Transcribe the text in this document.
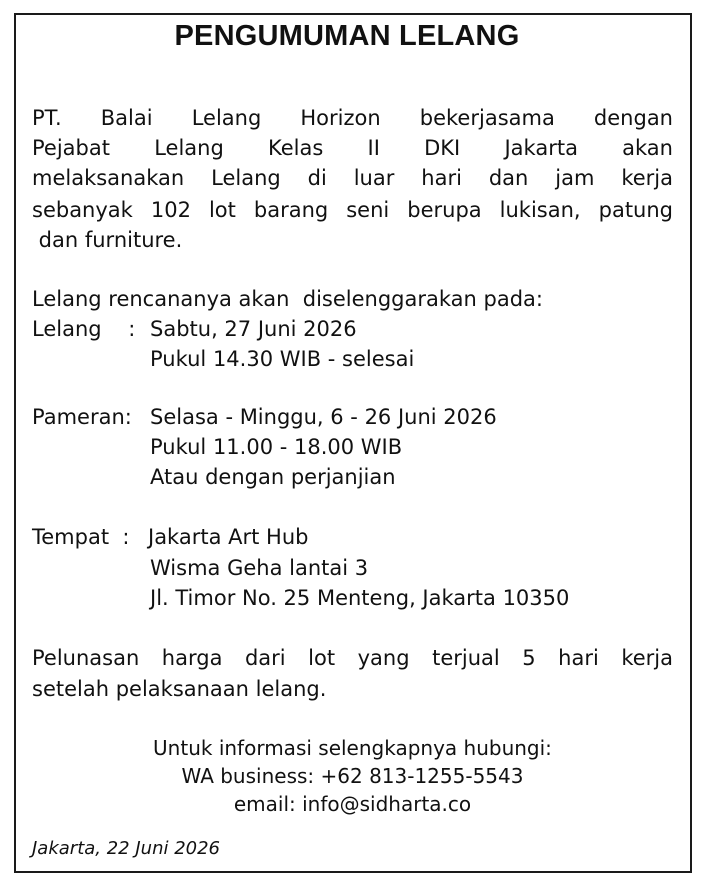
PENGUMUMAN LELANG
PT. Balai Lelang Horizon bekerjasama dengan
Pejabat Lelang Kelas II DKI Jakarta akan
melaksanakan Lelang di luar hari dan jam kerja
sebanyak 102 lot barang seni berupa lukisan, patung
dan furniture.
Lelang rencananya akan  diselenggarakan pada:
Lelang    : Sabtu, 27 Juni 2026
Pukul 14.30 WIB - selesai
Pameran: Selasa - Minggu, 6 - 26 Juni 2026
Pukul 11.00 - 18.00 WIB
Atau dengan perjanjian
Tempat  : Jakarta Art Hub
Wisma Geha lantai 3
Jl. Timor No. 25 Menteng, Jakarta 10350
Pelunasan harga dari lot yang terjual 5 hari kerja
setelah pelaksanaan lelang.
Untuk informasi selengkapnya hubungi:
WA business: +62 813-1255-5543
email: info@sidharta.co
Jakarta, 22 Juni 2026
